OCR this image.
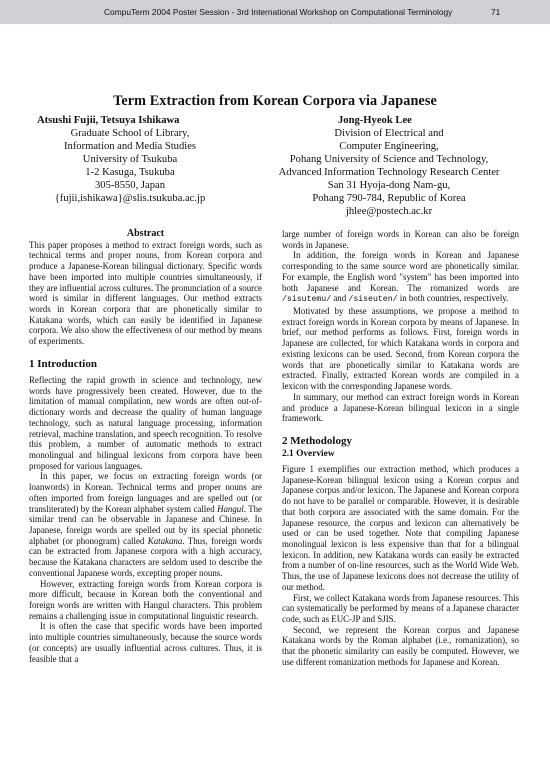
CompuTerm 2004 Poster Session - 3rd International Workshop on Computational Terminology	71
Term Extraction from Korean Corpora via Japanese
Atsushi Fujii, Tetsuya Ishikawa	Jong-Hyeok Lee
Graduate School of Library,
Information and Media Studies
University of Tsukuba
1-2 Kasuga, Tsukuba
305-8550, Japan
{fujii,ishikawa}@slis.tsukuba.ac.jp
Division of Electrical and
Computer Engineering,
Pohang University of Science and Technology,
Advanced Information Technology Research Center
San 31 Hyoja-dong Nam-gu,
Pohang 790-784, Republic of Korea
jhlee@postech.ac.kr

Abstract

This paper proposes a method to extract foreign words, such as technical terms and proper nouns, from Korean corpora and produce a Japanese-Korean bilingual dictionary. Specific words have been imported into multiple countries simultaneously, if they are influential across cultures. The pronunciation of a source word is similar in different languages. Our method extracts words in Korean corpora that are phonetically similar to Katakana words, which can easily be identified in Japanese corpora. We also show the effectiveness of our method by means of experiments.

1 Introduction

Reflecting the rapid growth in science and technology, new words have progressively been created. However, due to the limitation of manual compilation, new words are often out-of-dictionary words and decrease the quality of human language technology, such as natural language processing, information retrieval, machine translation, and speech recognition. To resolve this problem, a number of automatic methods to extract monolingual and bilingual lexicons from corpora have been proposed for various languages.

In this paper, we focus on extracting foreign words (or loanwords) in Korean. Technical terms and proper nouns are often imported from foreign languages and are spelled out (or transliterated) by the Korean alphabet system called Hangul. The similar trend can be observable in Japanese and Chinese. In Japanese, foreign words are spelled out by its special phonetic alphabet (or phonogram) called Katakana. Thus, foreign words can be extracted from Japanese corpora with a high accuracy, because the Katakana characters are seldom used to describe the conventional Japanese words, excepting proper nouns.

However, extracting foreign words from Korean corpora is more difficult, because in Korean both the conventional and foreign words are written with Hangul characters. This problem remains a challenging issue in computational linguistic research.

It is often the case that specific words have been imported into multiple countries simultaneously, because the source words (or concepts) are usually influential across cultures. Thus, it is feasible that a

large number of foreign words in Korean can also be foreign words in Japanese.

In addition, the foreign words in Korean and Japanese corresponding to the same source word are phonetically similar. For example, the English word "system" has been imported into both Japanese and Korean. The romanized words are /sisutemu/ and /siseuten/ in both countries, respectively.

Motivated by these assumptions, we propose a method to extract foreign words in Korean corpora by means of Japanese. In brief, our method performs as follows. First, foreign words in Japanese are collected, for which Katakana words in corpora and existing lexicons can be used. Second, from Korean corpora the words that are phonetically similar to Katakana words are extracted. Finally, extracted Korean words are compiled in a lexicon with the corresponding Japanese words.

In summary, our method can extract foreign words in Korean and produce a Japanese-Korean bilingual lexicon in a single framework.

2 Methodology

2.1 Overview

Figure 1 exemplifies our extraction method, which produces a Japanese-Korean bilingual lexicon using a Korean corpus and Japanese corpus and/or lexicon. The Japanese and Korean corpora do not have to be parallel or comparable. However, it is desirable that both corpora are associated with the same domain. For the Japanese resource, the corpus and lexicon can alternatively be used or can be used together. Note that compiling Japanese monolingual lexicon is less expensive than that for a bilingual lexicon. In addition, new Katakana words can easily be extracted from a number of on-line resources, such as the World Wide Web. Thus, the use of Japanese lexicons does not decrease the utility of our method.

First, we collect Katakana words from Japanese resources. This can systematically be performed by means of a Japanese character code, such as EUC-JP and SJIS.

Second, we represent the Korean corpus and Japanese Katakana words by the Roman alphabet (i.e., romanization), so that the phonetic similarity can easily be computed. However, we use different romanization methods for Japanese and Korean.
